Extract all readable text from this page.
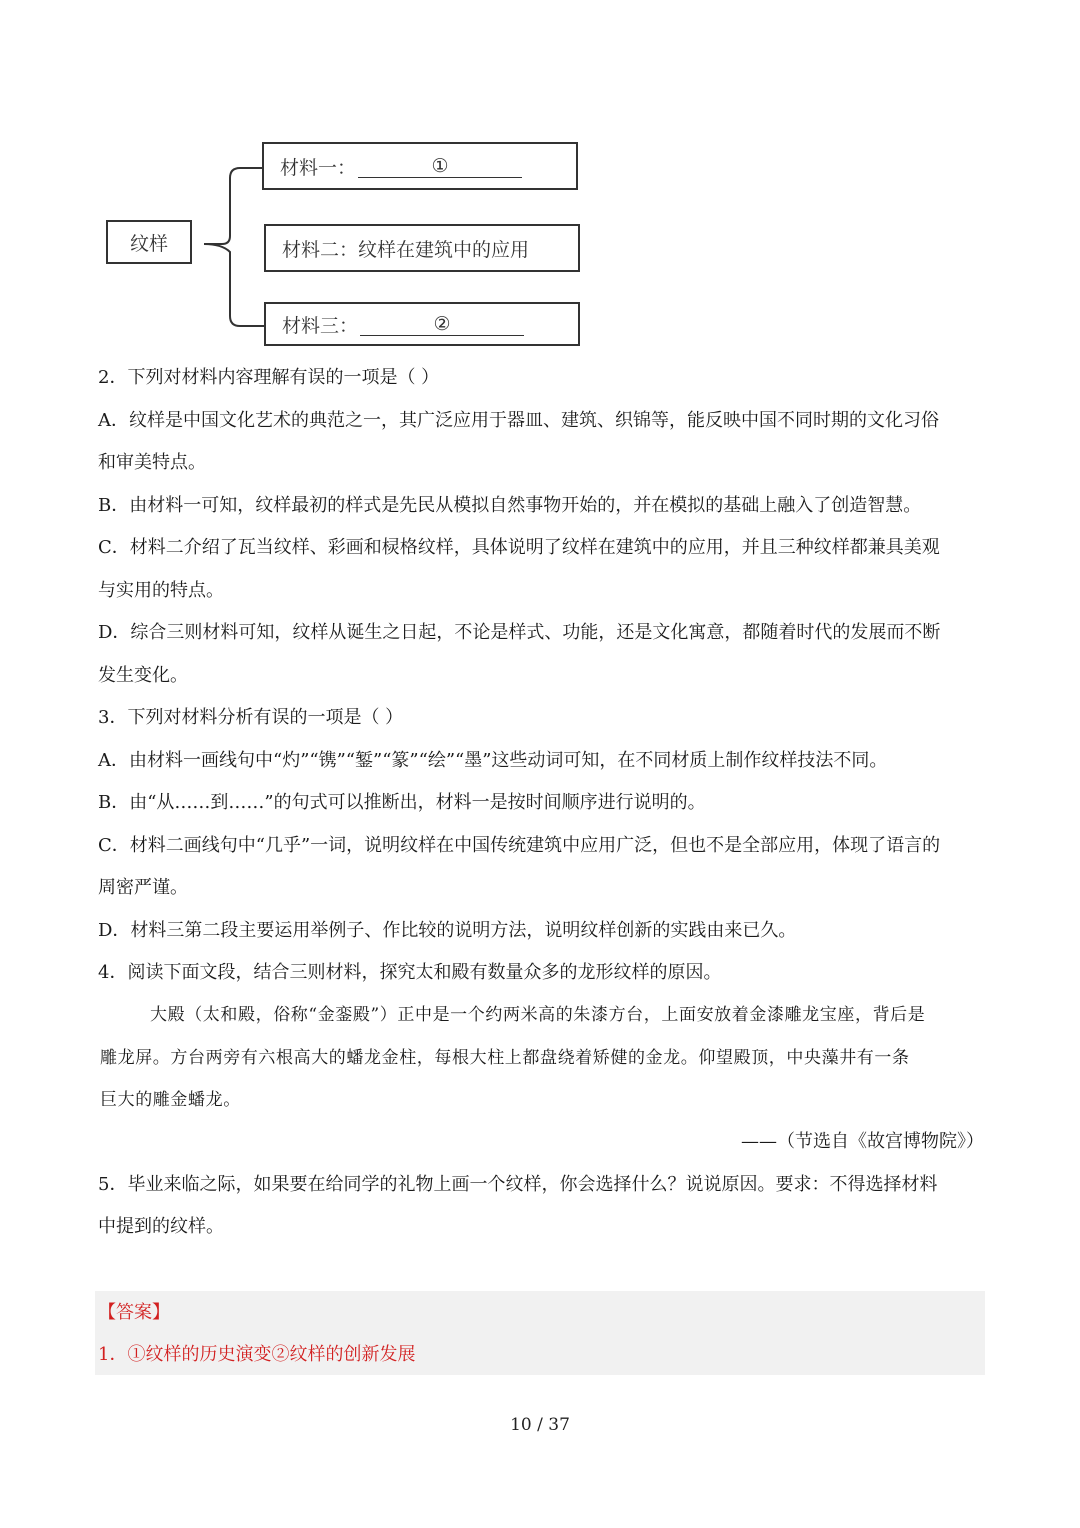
纹样
材料一：	①
材料二：纹样在建筑中的应用
材料三：	②
2．下列对材料内容理解有误的一项是（ ）
A．纹样是中国文化艺术的典范之一，其广泛应用于器皿、建筑、织锦等，能反映中国不同时期的文化习俗
和审美特点。
B．由材料一可知，纹样最初的样式是先民从模拟自然事物开始的，并在模拟的基础上融入了创造智慧。
C．材料二介绍了瓦当纹样、彩画和棂格纹样，具体说明了纹样在建筑中的应用，并且三种纹样都兼具美观
与实用的特点。
D．综合三则材料可知，纹样从诞生之日起，不论是样式、功能，还是文化寓意，都随着时代的发展而不断
发生变化。
3．下列对材料分析有误的一项是（ ）
A．由材料一画线句中“灼”“镌”“錾”“篆”“绘”“墨”这些动词可知，在不同材质上制作纹样技法不同。
B．由“从……到……”的句式可以推断出，材料一是按时间顺序进行说明的。
C．材料二画线句中“几乎”一词，说明纹样在中国传统建筑中应用广泛，但也不是全部应用，体现了语言的
周密严谨。
D．材料三第二段主要运用举例子、作比较的说明方法，说明纹样创新的实践由来已久。
4．阅读下面文段，结合三则材料，探究太和殿有数量众多的龙形纹样的原因。
大殿（太和殿，俗称“金銮殿”）正中是一个约两米高的朱漆方台，上面安放着金漆雕龙宝座，背后是
雕龙屏。方台两旁有六根高大的蟠龙金柱，每根大柱上都盘绕着矫健的金龙。仰望殿顶，中央藻井有一条
巨大的雕金蟠龙。
——（节选自《故宫博物院》）
5．毕业来临之际，如果要在给同学的礼物上画一个纹样，你会选择什么？说说原因。要求：不得选择材料
中提到的纹样。
【答案】
1．①纹样的历史演变②纹样的创新发展
10 / 37
